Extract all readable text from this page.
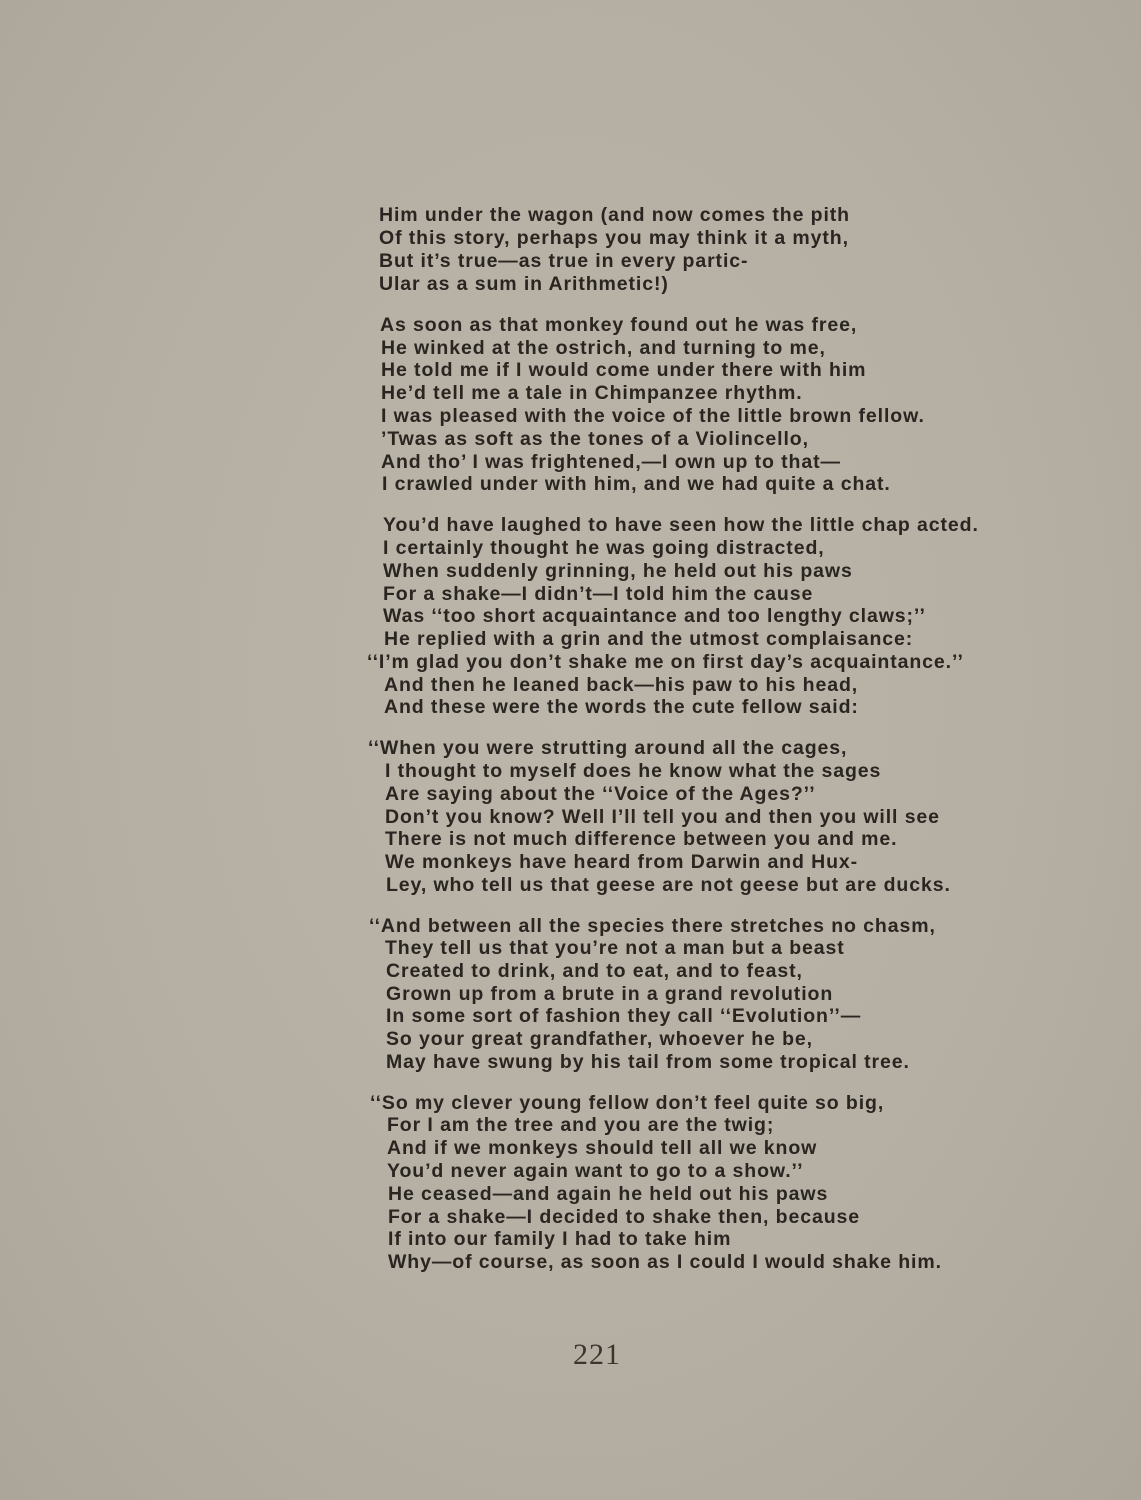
Him under the wagon (and now comes the pith
Of this story, perhaps you may think it a myth,
But it’s true—as true in every partic-
Ular as a sum in Arithmetic!)
As soon as that monkey found out he was free,
He winked at the ostrich, and turning to me,
He told me if I would come under there with him
He’d tell me a tale in Chimpanzee rhythm.
I was pleased with the voice of the little brown fellow.
’Twas as soft as the tones of a Violincello,
And tho’ I was frightened,—I own up to that—
I crawled under with him, and we had quite a chat.
You’d have laughed to have seen how the little chap acted.
I certainly thought he was going distracted,
When suddenly grinning, he held out his paws
For a shake—I didn’t—I told him the cause
Was ‘‘too short acquaintance and too lengthy claws;’’
He replied with a grin and the utmost complaisance:
‘‘I’m glad you don’t shake me on first day’s acquaintance.’’
And then he leaned back—his paw to his head,
And these were the words the cute fellow said:
‘‘When you were strutting around all the cages,
I thought to myself does he know what the sages
Are saying about the ‘‘Voice of the Ages?’’
Don’t you know? Well I’ll tell you and then you will see
There is not much difference between you and me.
We monkeys have heard from Darwin and Hux-
Ley, who tell us that geese are not geese but are ducks.
‘‘And between all the species there stretches no chasm,
They tell us that you’re not a man but a beast
Created to drink, and to eat, and to feast,
Grown up from a brute in a grand revolution
In some sort of fashion they call ‘‘Evolution’’—
So your great grandfather, whoever he be,
May have swung by his tail from some tropical tree.
‘‘So my clever young fellow don’t feel quite so big,
For I am the tree and you are the twig;
And if we monkeys should tell all we know
You’d never again want to go to a show.’’
He ceased—and again he held out his paws
For a shake—I decided to shake then, because
If into our family I had to take him
Why—of course, as soon as I could I would shake him.
221
